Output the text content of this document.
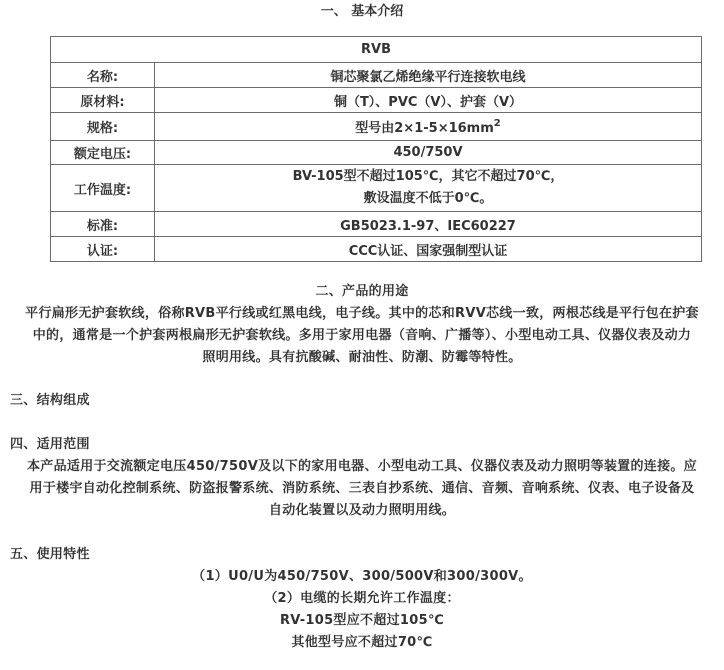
一、 基本介绍
RVB	
名称:	铜芯聚氯乙烯绝缘平行连接软电线
原材料:	铜（T）、PVC（V）、护套（V）
规格:	型号由$2\times 1-5\times 16mm^2$
额定电压:	450/750V
工作温度:	BV-105型不超过105℃，其它不超过70℃，
敷设温度不低于0℃。

标准:	GB5023.1-97、IEC60227
认证:	CCC认证、国家强制型认证
二、产品的用途
平行扁形无护套软线，俗称RVB平行线或红黑电线，电子线。其中的芯和RVV芯线一致，两根芯线是平行包在护套
中的，通常是一个护套两根扁形无护套软线。多用于家用电器（音响、广播等）、小型电动工具、仪器仪表及动力
照明用线。具有抗酸碱、耐油性、防潮、防霉等特性。
三、结构组成
四、适用范围
本产品适用于交流额定电压450/750V及以下的家用电器、小型电动工具、仪器仪表及动力照明等装置的连接。应
用于楼宇自动化控制系统、防盗报警系统、消防系统、三表自抄系统、通信、音频、音响系统、仪表、电子设备及
自动化装置以及动力照明用线。
五、使用特性
（1）U0/U为450/750V、300/500V和300/300V。
（2）电缆的长期允许工作温度：
RV-105型应不超过105℃
其他型号应不超过70℃
